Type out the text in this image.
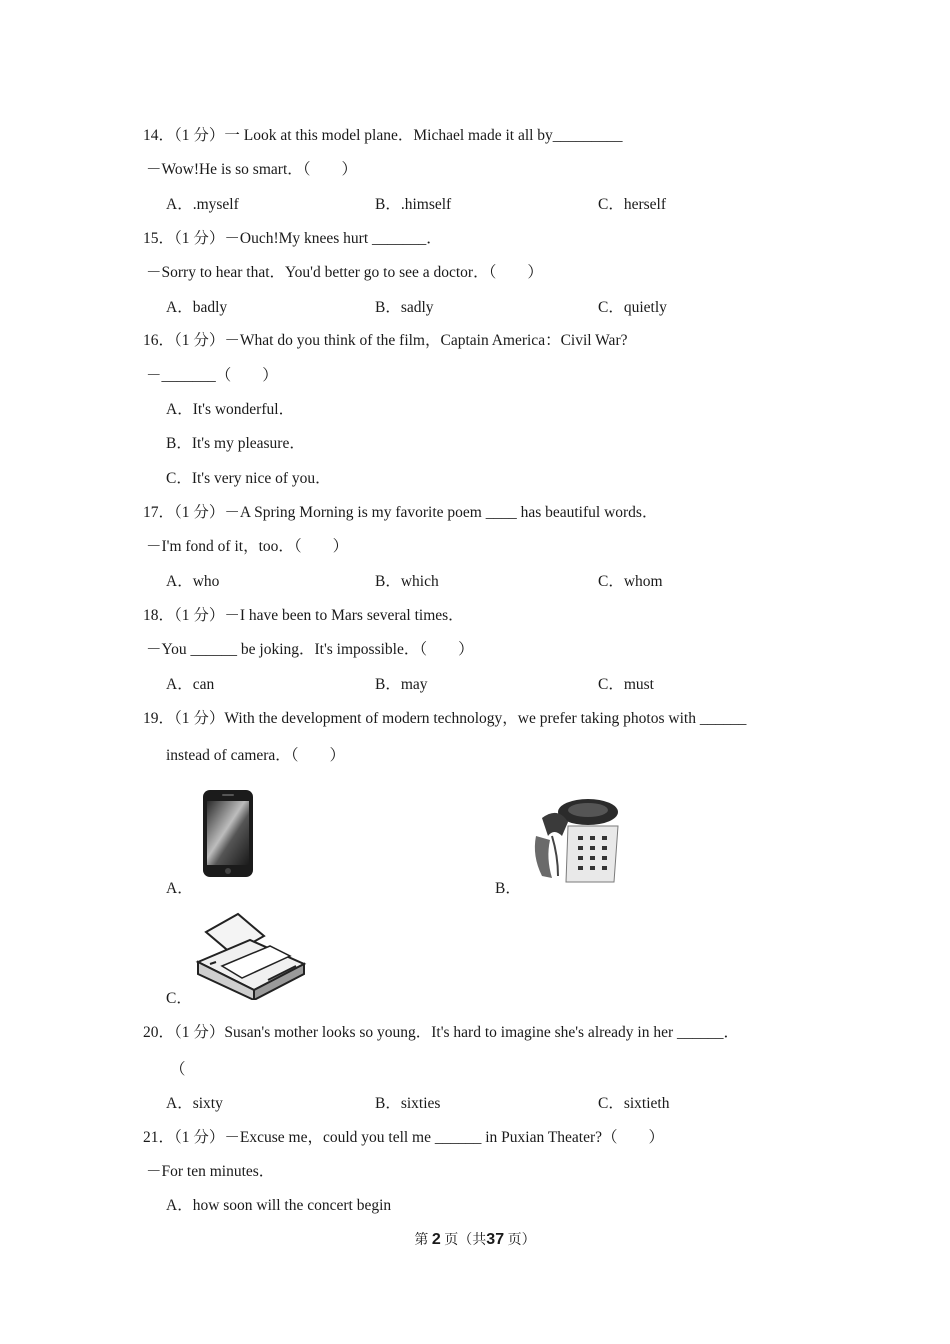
14．（1 分）一 Look at this model plane．Michael made it all by_________
－Wow!He is so smart．（　　）
A．.myself	B．.himself	C．herself
15．（1 分）－Ouch!My knees hurt _______．
－Sorry to hear that．You'd better go to see a doctor．（　　）
A．badly	B．sadly	C．quietly
16．（1 分）－What do you think of the film，Captain America：Civil War?
－_______（　　）
A．It's wonderful．
B．It's my pleasure．
C．It's very nice of you．
17．（1 分）－A Spring Morning is my favorite poem ____ has beautiful words．
－I'm fond of it，too．（　　）
A．who	B．which	C．whom
18．（1 分）－I have been to Mars several times．
－You ______ be joking．It's impossible．（　　）
A．can	B．may	C．must
19．（1 分）With the development of modern technology，we prefer taking photos with ______
instead of camera．（　　）
A．	B．
C．
20．（1 分）Susan's mother looks so young．It's hard to imagine she's already in her ______．
（
A．sixty	B．sixties	C．sixtieth
21．（1 分）－Excuse me，could you tell me ______ in Puxian Theater?（　　）
－For ten minutes．
A．how soon will the concert begin
第 2 页（共37 页）
